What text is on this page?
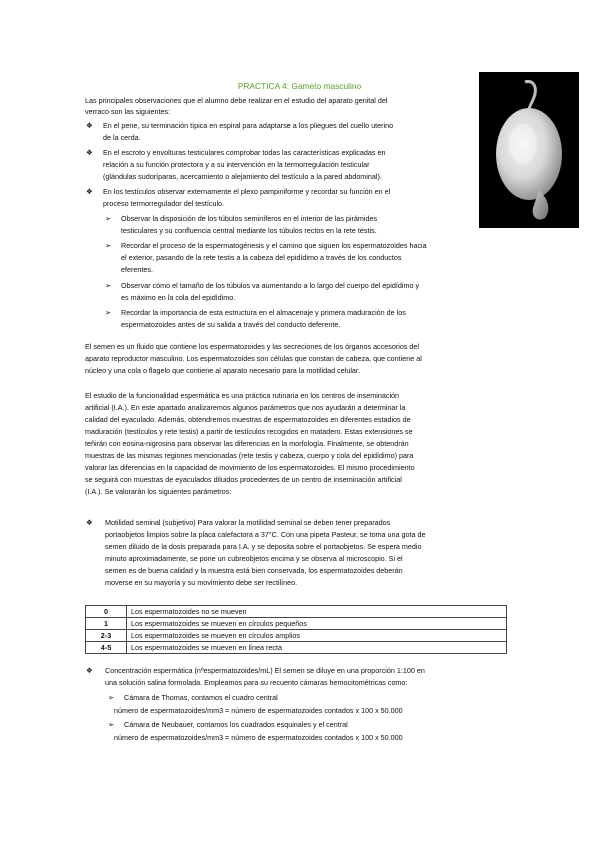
PRACTICA 4: Gameto masculino
Las principales observaciones que el alumno debe realizar en el estudio del aparato genital del
verraco son las siguientes:
❖ En el pene, su terminación típica en espiral para adaptarse a los pliegues del cuello uterino
de la cerda.
❖ En el escroto y envolturas testiculares comprobar todas las características explicadas en
relación a su función protectora y a su intervención en la termorregulación testicular
(glándulas sudoríparas, acercamiento o alejamiento del testículo a la pared abdominal).
❖ En los testículos observar externamente el plexo pampiniforme y recordar su función en el
proceso termorregulador del testículo.
➢ Observar la disposición de los túbulos seminíferos en el interior de las pirámides
testiculares y su confluencia central mediante los túbulos rectos en la rete testis.
➢ Recordar el proceso de la espermatogénesis y el camino que siguen los espermatozoides hacia
el exterior, pasando de la rete testis a la cabeza del epidídimo a través de los conductos
eferentes.
➢ Observar cómo el tamaño de los túbulos va aumentando a lo largo del cuerpo del epidídimo y
es máximo en la cola del epidídimo.
➢ Recordar la importancia de esta estructura en el almacenaje y primera maduración de los
espermatozoides antes de su salida a través del conducto deferente.
El semen es un fluido que contiene los espermatozoides y las secreciones de los órganos accesorios del
aparato reproductor masculino. Los espermatozoides son células que constan de cabeza, que contiene al
núcleo y una cola o flagelo que contiene al aparato necesario para la motilidad celular.
El estudio de la funcionalidad espermática es una práctica rutinaria en los centros de inseminación
artificial (I.A.). En este apartado analizaremos algunos parámetros que nos ayudarán a determinar la
calidad del eyaculado. Además, obtendremos muestras de espermatozoides en diferentes estadios de
maduración (testículos y rete testis) a partir de testículos recogidos en matadero. Estas extensiones se
teñirán con eosina-nigrosina para observar las diferencias en la morfología. Finalmente, se obtendrán
muestras de las mismas regiones mencionadas (rete testis y cabeza, cuerpo y cola del epidídimo) para
valorar las diferencias en la capacidad de movimiento de los espermatozoides. El mismo procedimiento
se seguirá con muestras de eyaculados diluidos procedentes de un centro de inseminación artificial
(I.A.). Se valorarán los siguientes parámetros:
❖ Motilidad seminal (subjetivo) Para valorar la motilidad seminal se deben tener preparados
portaobjetos limpios sobre la placa calefactora a 37°C. Con una pipeta Pasteur, se toma una gota de
semen diluido de la dosis preparada para I.A. y se deposita sobre el portaobjetos. Se espera medio
minuto aproximadamente, se pone un cubreobjetos encima y se observa al microscopio. Si el
semen es de buena calidad y la muestra está bien conservada, los espermatozoides deberán
moverse en su mayoría y su movimiento debe ser rectilíneo.
0	Los espermatozoides no se mueven
1	Los espermatozoides se mueven en círculos pequeños
2-3	Los espermatozoides se mueven en círculos amplios
4-5	Los espermatozoides se mueven en línea recta
❖ Concentración espermática (nºespermatozoides/mL) El semen se diluye en una proporción 1:100 en
una solución salina formolada. Empleamos para su recuento cámaras hemocitométricas como:
➢ Cámara de Thomas, contamos el cuadro central
número de espermatozoides/mm3 = número de espermatozoides contados x 100 x 50.000
➢ Cámara de Neubauer, contamos los cuadrados esquinales y el central
número de espermatozoides/mm3 = número de espermatozoides contados x 100 x 50.000
